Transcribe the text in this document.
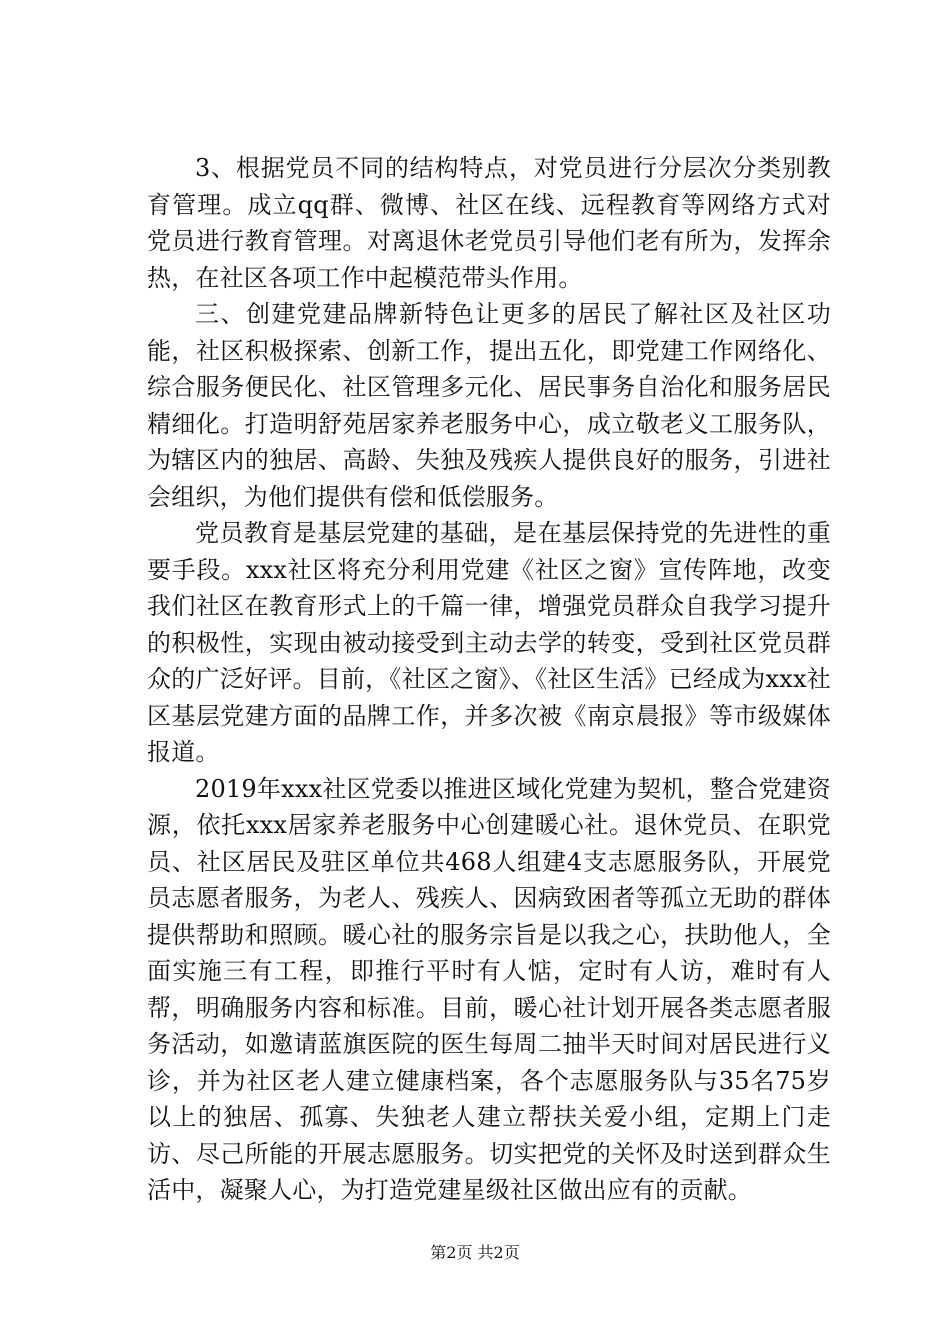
3、根据党员不同的结构特点，对党员进行分层次分类别教育管理。成立qq群、微博、社区在线、远程教育等网络方式对党员进行教育管理。对离退休老党员引导他们老有所为，发挥余热，在社区各项工作中起模范带头作用。

三、创建党建品牌新特色让更多的居民了解社区及社区功能，社区积极探索、创新工作，提出五化，即党建工作网络化、综合服务便民化、社区管理多元化、居民事务自治化和服务居民精细化。打造明舒苑居家养老服务中心，成立敬老义工服务队，为辖区内的独居、高龄、失独及残疾人提供良好的服务，引进社会组织，为他们提供有偿和低偿服务。

党员教育是基层党建的基础，是在基层保持党的先进性的重要手段。xxx社区将充分利用党建《社区之窗》宣传阵地，改变我们社区在教育形式上的千篇一律，增强党员群众自我学习提升的积极性，实现由被动接受到主动去学的转变，受到社区党员群众的广泛好评。目前，《社区之窗》、《社区生活》已经成为xxx社区基层党建方面的品牌工作，并多次被《南京晨报》等市级媒体报道。

2019年xxx社区党委以推进区域化党建为契机，整合党建资源，依托xxx居家养老服务中心创建暖心社。退休党员、在职党员、社区居民及驻区单位共468人组建4支志愿服务队，开展党员志愿者服务，为老人、残疾人、因病致困者等孤立无助的群体提供帮助和照顾。暖心社的服务宗旨是以我之心，扶助他人，全面实施三有工程，即推行平时有人惦，定时有人访，难时有人帮，明确服务内容和标准。目前，暖心社计划开展各类志愿者服务活动，如邀请蓝旗医院的医生每周二抽半天时间对居民进行义诊，并为社区老人建立健康档案，各个志愿服务队与35名75岁以上的独居、孤寡、失独老人建立帮扶关爱小组，定期上门走访、尽己所能的开展志愿服务。切实把党的关怀及时送到群众生活中，凝聚人心，为打造党建星级社区做出应有的贡献。

第2页 共2页
